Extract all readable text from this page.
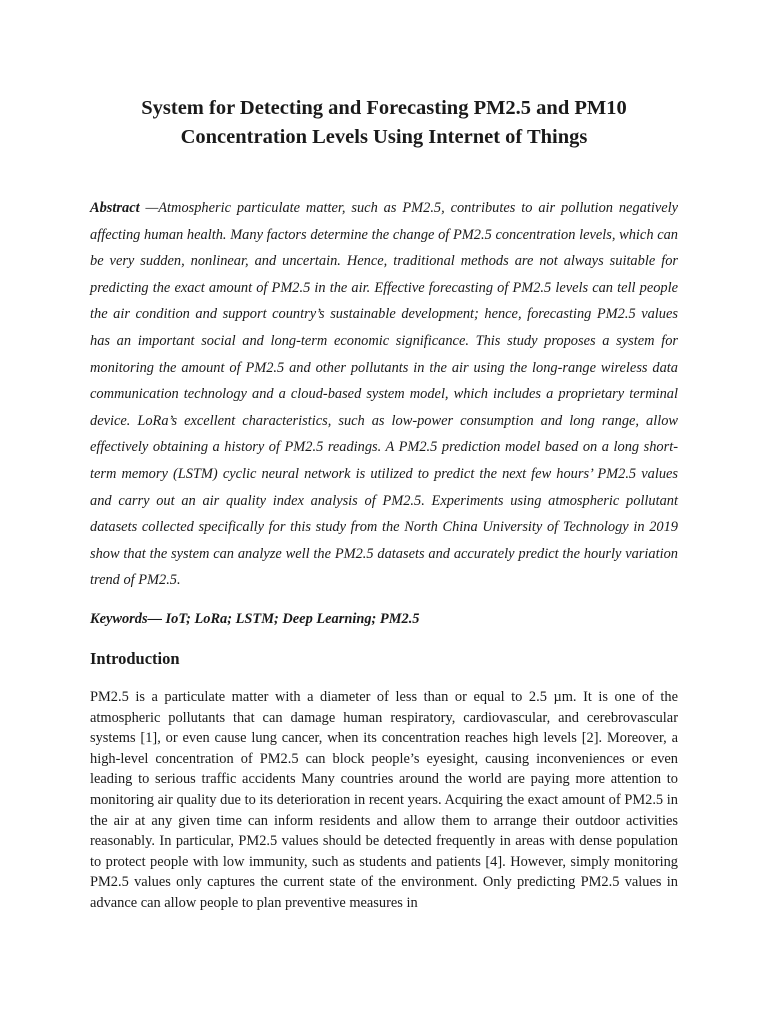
System for Detecting and Forecasting PM2.5 and PM10 Concentration Levels Using Internet of Things

Abstract —Atmospheric particulate matter, such as PM2.5, contributes to air pollution negatively affecting human health. Many factors determine the change of PM2.5 concentration levels, which can be very sudden, nonlinear, and uncertain. Hence, traditional methods are not always suitable for predicting the exact amount of PM2.5 in the air. Effective forecasting of PM2.5 levels can tell people the air condition and support country’s sustainable development; hence, forecasting PM2.5 values has an important social and long-term economic significance. This study proposes a system for monitoring the amount of PM2.5 and other pollutants in the air using the long-range wireless data communication technology and a cloud-based system model, which includes a proprietary terminal device. LoRa’s excellent characteristics, such as low-power consumption and long range, allow effectively obtaining a history of PM2.5 readings. A PM2.5 prediction model based on a long short-term memory (LSTM) cyclic neural network is utilized to predict the next few hours’ PM2.5 values and carry out an air quality index analysis of PM2.5. Experiments using atmospheric pollutant datasets collected specifically for this study from the North China University of Technology in 2019 show that the system can analyze well the PM2.5 datasets and accurately predict the hourly variation trend of PM2.5.

Keywords— IoT; LoRa; LSTM; Deep Learning; PM2.5

Introduction

PM2.5 is a particulate matter with a diameter of less than or equal to 2.5 µm. It is one of the atmospheric pollutants that can damage human respiratory, cardiovascular, and cerebrovascular systems [1], or even cause lung cancer, when its concentration reaches high levels [2]. Moreover, a high-level concentration of PM2.5 can block people’s eyesight, causing inconveniences or even leading to serious traffic accidents Many countries around the world are paying more attention to monitoring air quality due to its deterioration in recent years. Acquiring the exact amount of PM2.5 in the air at any given time can inform residents and allow them to arrange their outdoor activities reasonably. In particular, PM2.5 values should be detected frequently in areas with dense population to protect people with low immunity, such as students and patients [4]. However, simply monitoring PM2.5 values only captures the current state of the environment. Only predicting PM2.5 values in advance can allow people to plan preventive measures in
